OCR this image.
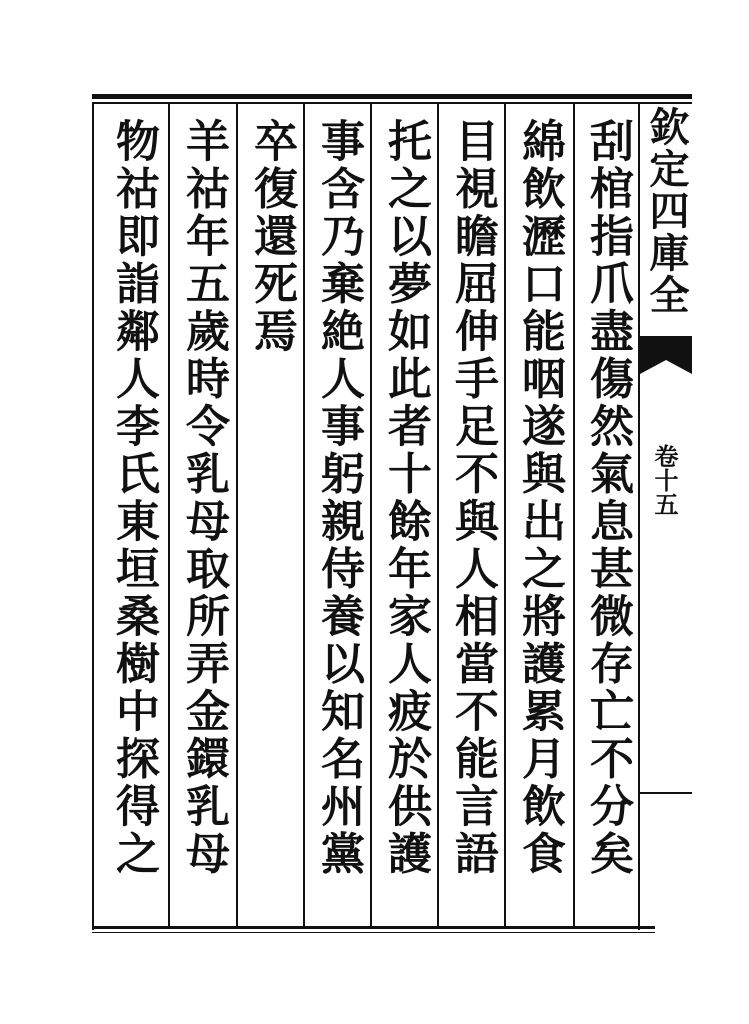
欽定四庫全
卷十五
刮棺指爪盡傷然氣息甚微存亡不分矣
綿飲瀝口能咽遂與出之將護累月飲食
目視瞻屈伸手足不與人相當不能言語
托之以夢如此者十餘年家人疲於供護
事含乃棄絶人事躬親侍養以知名州黨
卒復還死焉
羊祜年五歲時令乳母取所弄金鐶乳母
物祜即詣鄰人李氏東垣桑樹中探得之
